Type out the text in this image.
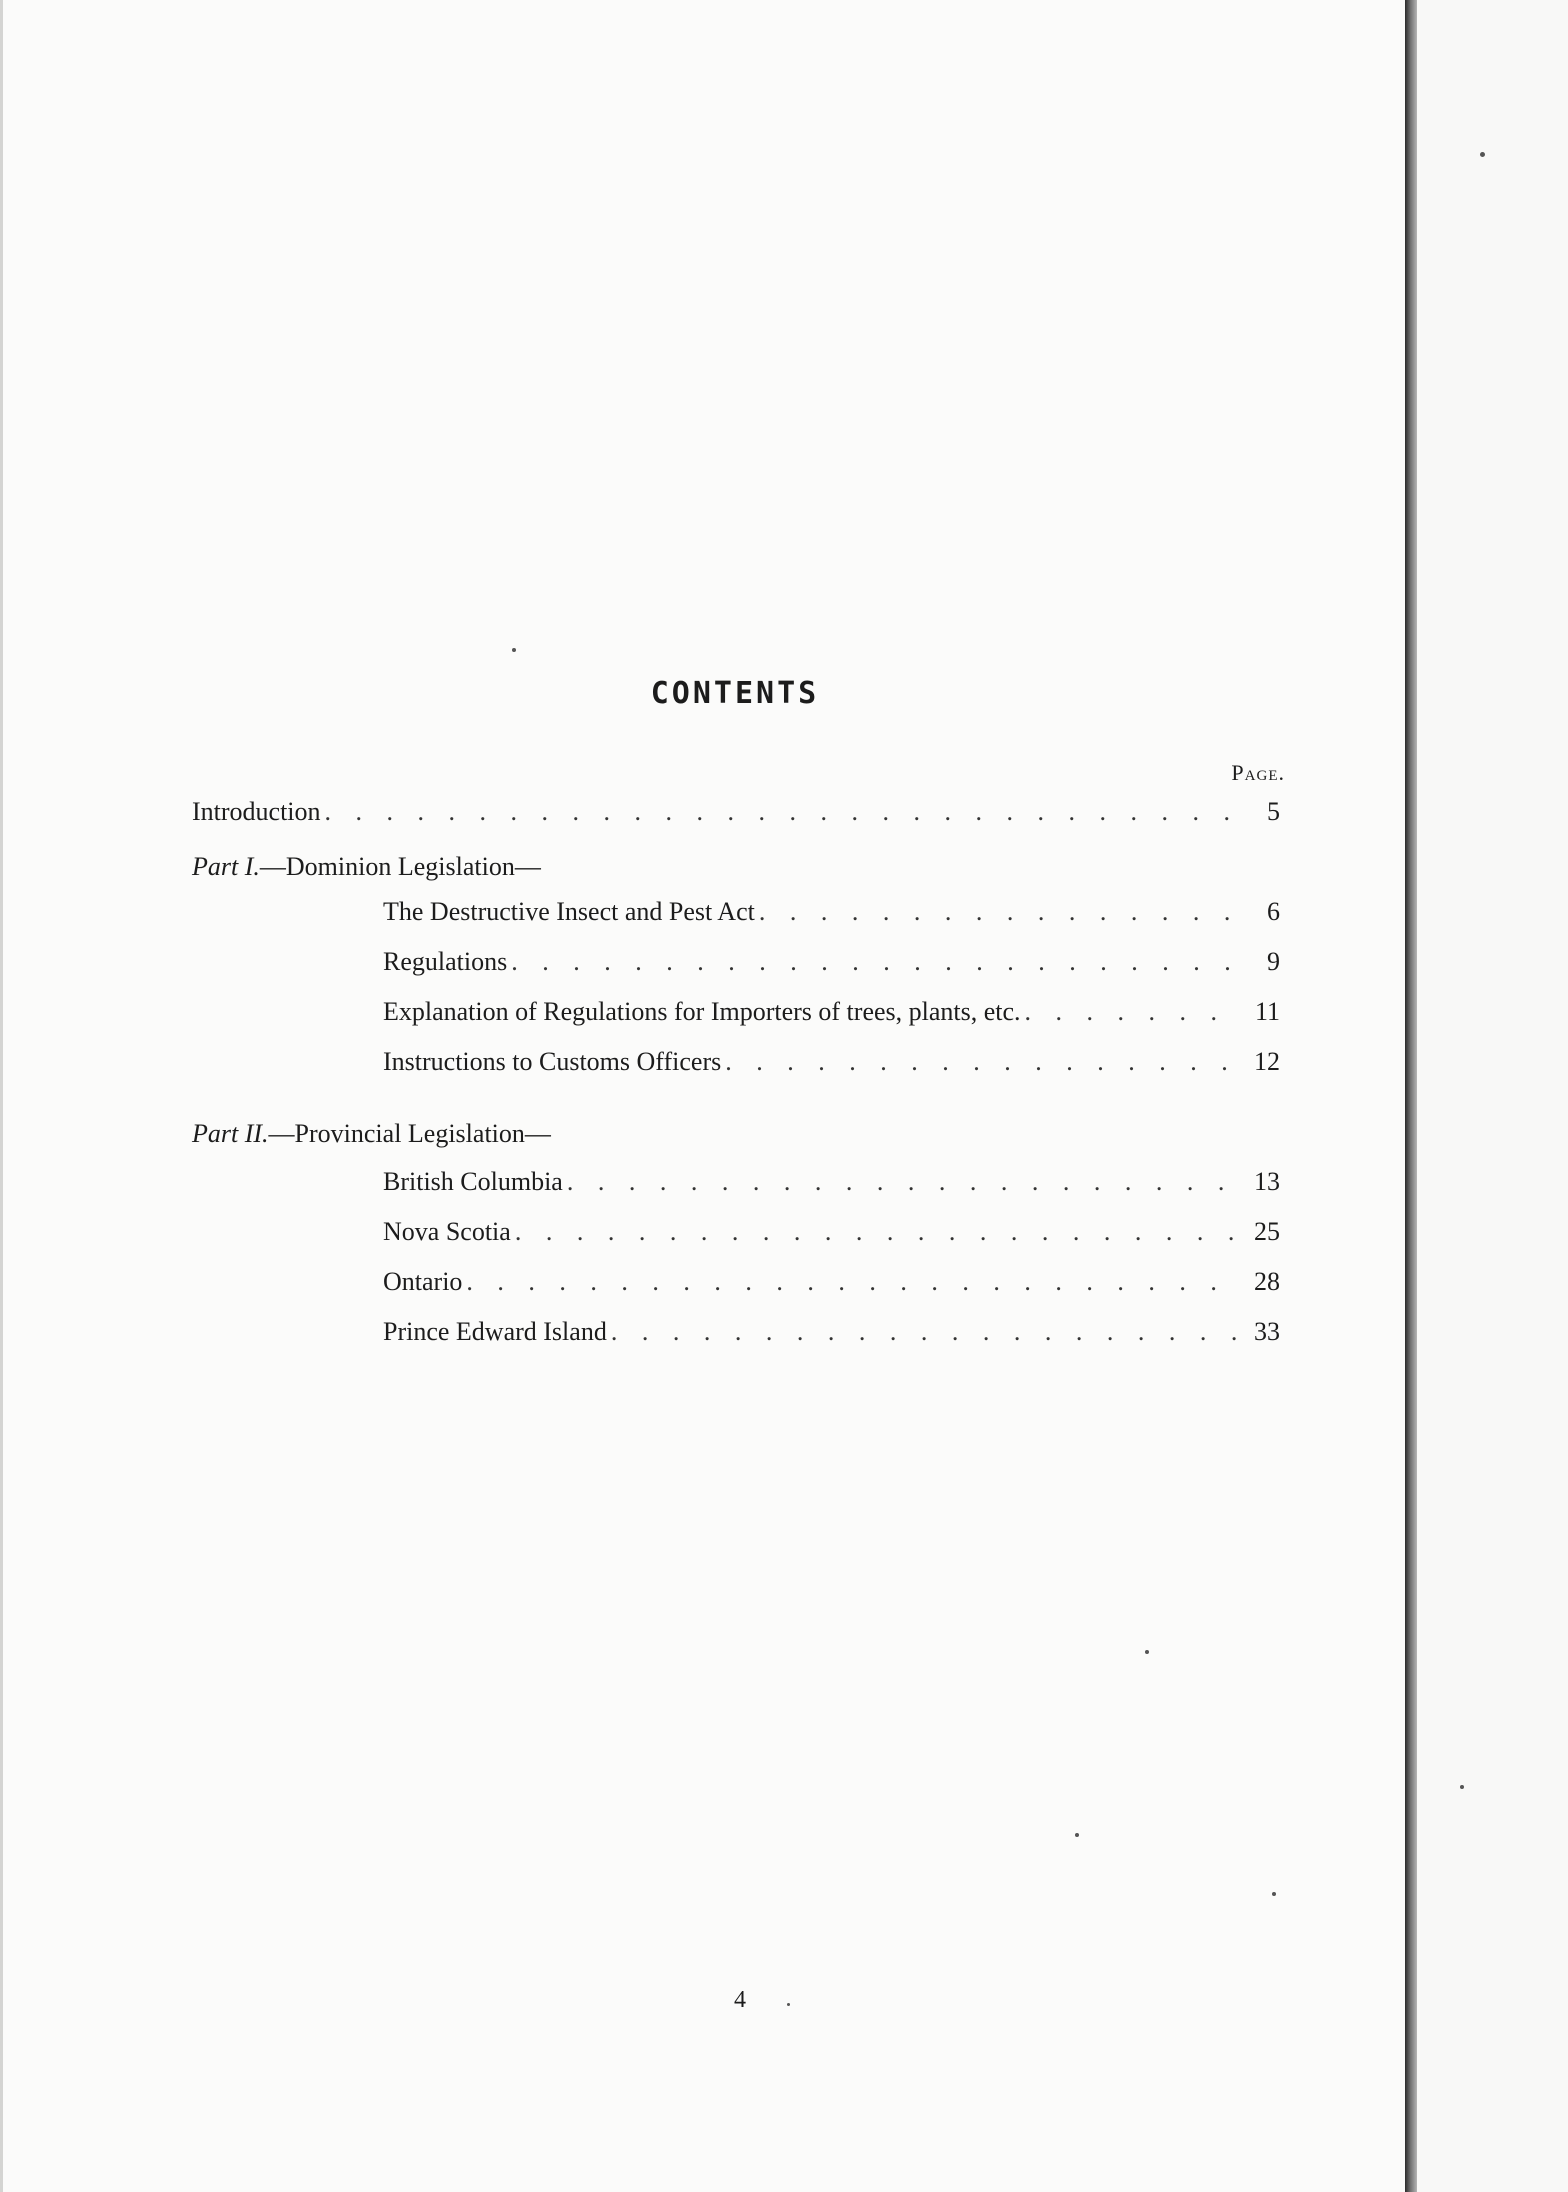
CONTENTS
Page.
Introduction . . .	5
Part I.—Dominion Legislation—
The Destructive Insect and Pest Act . . .	6
Regulations . . .	9
Explanation of Regulations for Importers of trees, plants, etc. . . .	11
Instructions to Customs Officers . . .	12
Part II.—Provincial Legislation—
British Columbia . . .	13
Nova Scotia . . .	25
Ontario . . .	28
Prince Edward Island . . .	33
4
